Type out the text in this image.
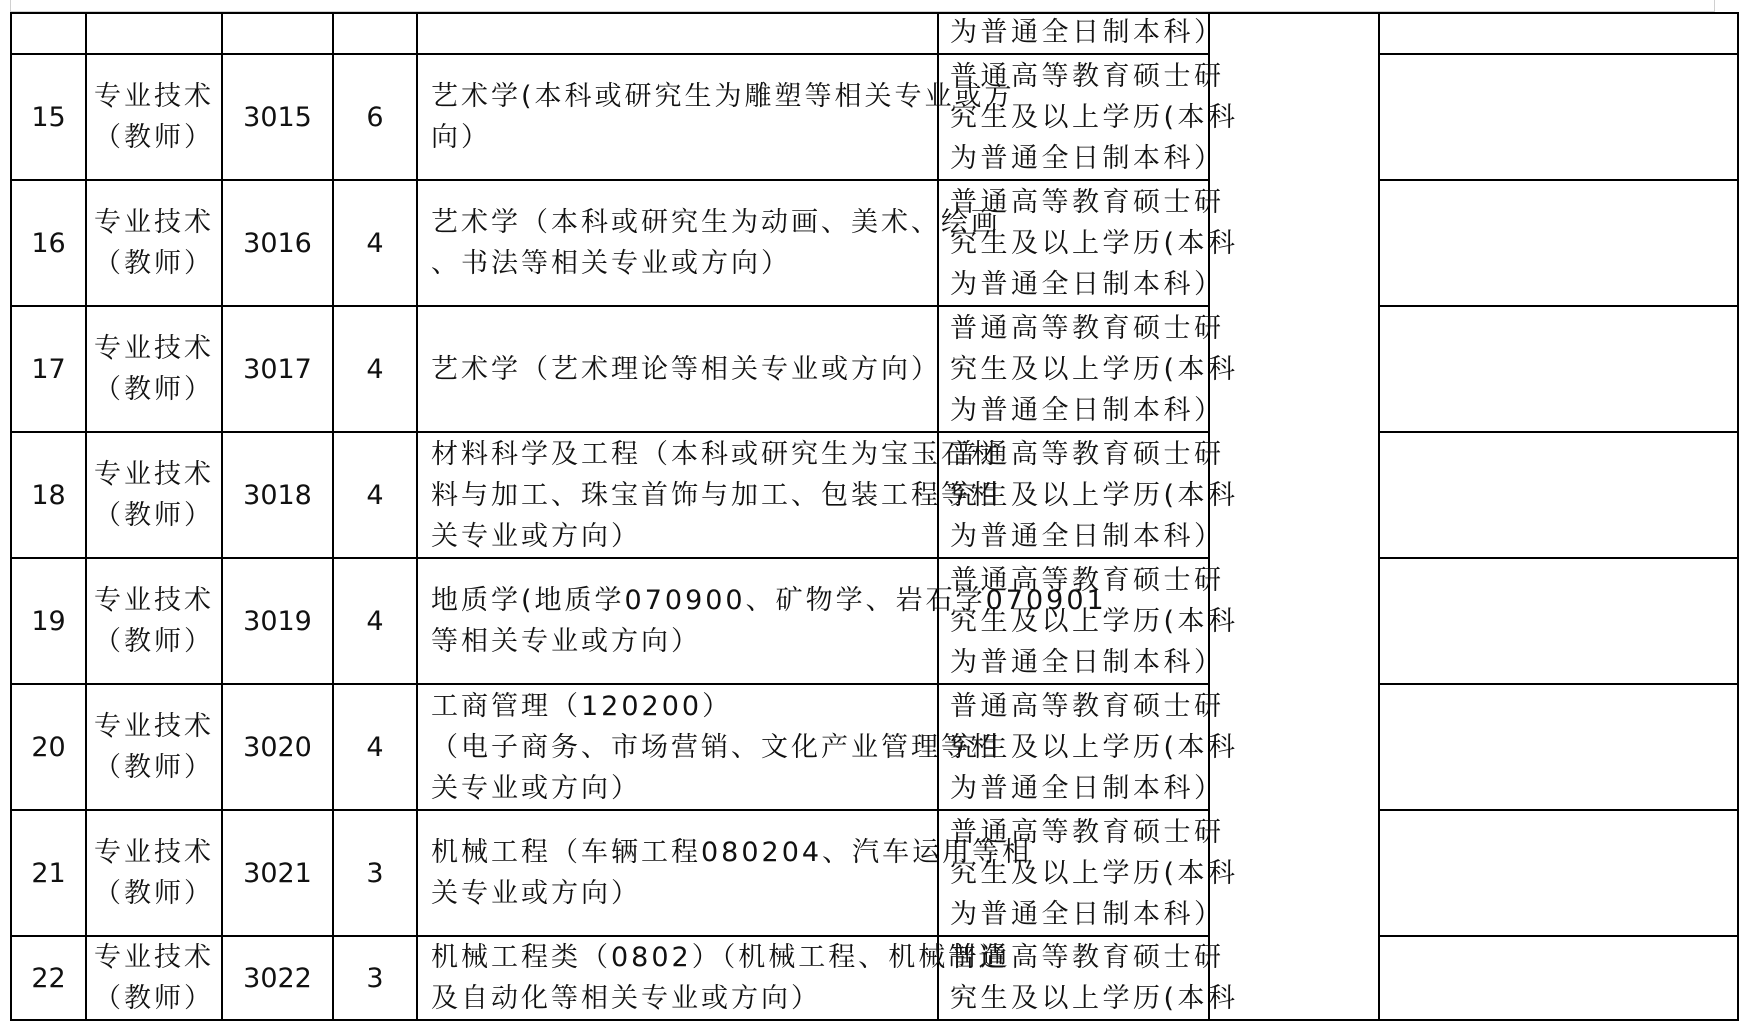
					为普通全日制本科）		

15	专业技术
（教师）	3015	6	艺术学(本科或研究生为雕塑等相关专业或方
向）	普通高等教育硕士研
究生及以上学历(本科
为普通全日制本科）		

16	专业技术
（教师）	3016	4	艺术学（本科或研究生为动画、美术、绘画
、书法等相关专业或方向）	普通高等教育硕士研
究生及以上学历(本科
为普通全日制本科）		

17	专业技术
（教师）	3017	4	艺术学（艺术理论等相关专业或方向）	普通高等教育硕士研
究生及以上学历(本科
为普通全日制本科）		

18	专业技术
（教师）	3018	4	材料科学及工程（本科或研究生为宝玉石材
料与加工、珠宝首饰与加工、包装工程等相
关专业或方向）	普通高等教育硕士研
究生及以上学历(本科
为普通全日制本科）		

19	专业技术
（教师）	3019	4	地质学(地质学070900、矿物学、岩石学070901
等相关专业或方向）	普通高等教育硕士研
究生及以上学历(本科
为普通全日制本科）		

20	专业技术
（教师）	3020	4	工商管理（120200）
（电子商务、市场营销、文化产业管理等相
关专业或方向）	普通高等教育硕士研
究生及以上学历(本科
为普通全日制本科）		

21	专业技术
（教师）	3021	3	机械工程（车辆工程080204、汽车运用等相
关专业或方向）	普通高等教育硕士研
究生及以上学历(本科
为普通全日制本科）		

22	专业技术
（教师）	3022	3	机械工程类（0802）（机械工程、机械制造
及自动化等相关专业或方向）	普通高等教育硕士研
究生及以上学历(本科		
